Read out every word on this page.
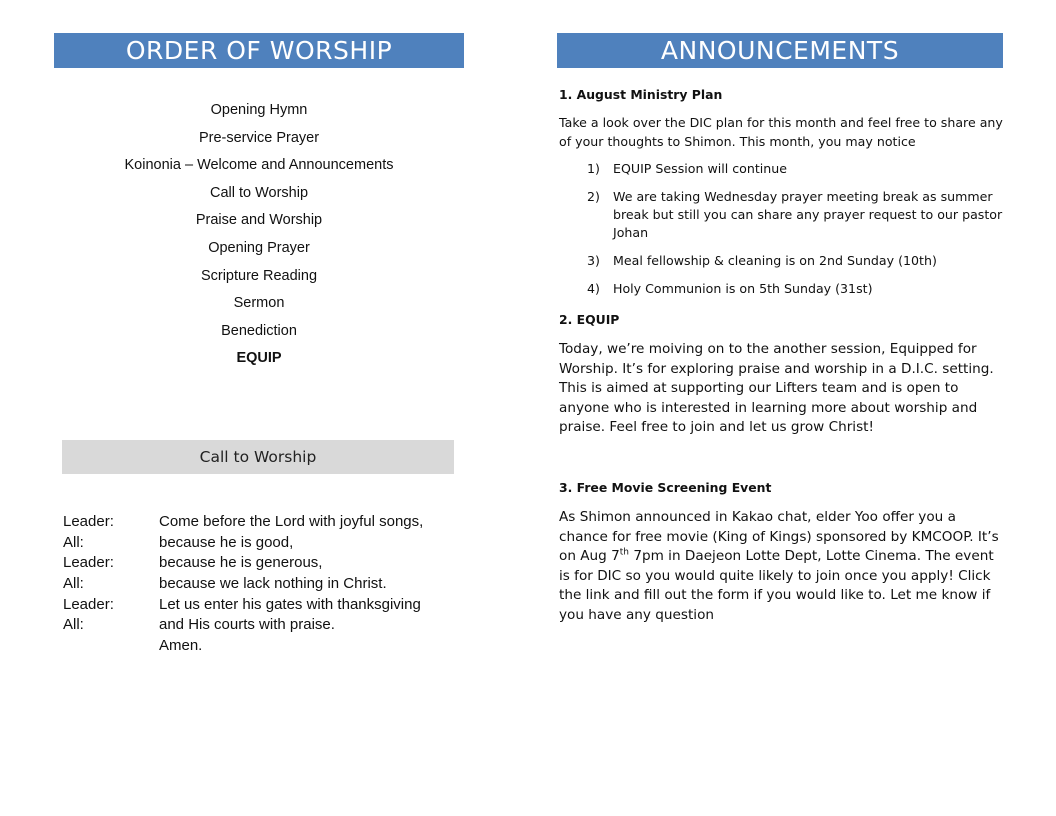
ORDER OF WORSHIP
Opening Hymn
Pre-service Prayer
Koinonia – Welcome and Announcements
Call to Worship
Praise and Worship
Opening Prayer
Scripture Reading
Sermon
Benediction
EQUIP
Call to Worship
Leader:	Come before the Lord with joyful songs,
All:	because he is good,
Leader:	because he is generous,
All:	because we lack nothing in Christ.
Leader:	Let us enter his gates with thanksgiving
All:	and His courts with praise.
Amen.
ANNOUNCEMENTS
1. August Ministry Plan
Take a look over the DIC plan for this month and feel free to share any of your thoughts to Shimon. This month, you may notice
1)	EQUIP Session will continue
2)	We are taking Wednesday prayer meeting break as summer break but still you can share any prayer request to our pastor Johan
3)	Meal fellowship & cleaning is on 2nd Sunday (10th)
4)	Holy Communion is on 5th Sunday (31st)
2. EQUIP
Today, we’re moiving on to the another session, Equipped for Worship. It’s for exploring praise and worship in a D.I.C. setting. This is aimed at supporting our Lifters team and is open to anyone who is interested in learning more about worship and praise. Feel free to join and let us grow Christ!
3. Free Movie Screening Event
As Shimon announced in Kakao chat, elder Yoo offer you a chance for free movie (King of Kings) sponsored by KMCOOP. It’s on Aug 7th 7pm in Daejeon Lotte Dept, Lotte Cinema. The event is for DIC so you would quite likely to join once you apply! Click the link and fill out the form if you would like to. Let me know if you have any question
